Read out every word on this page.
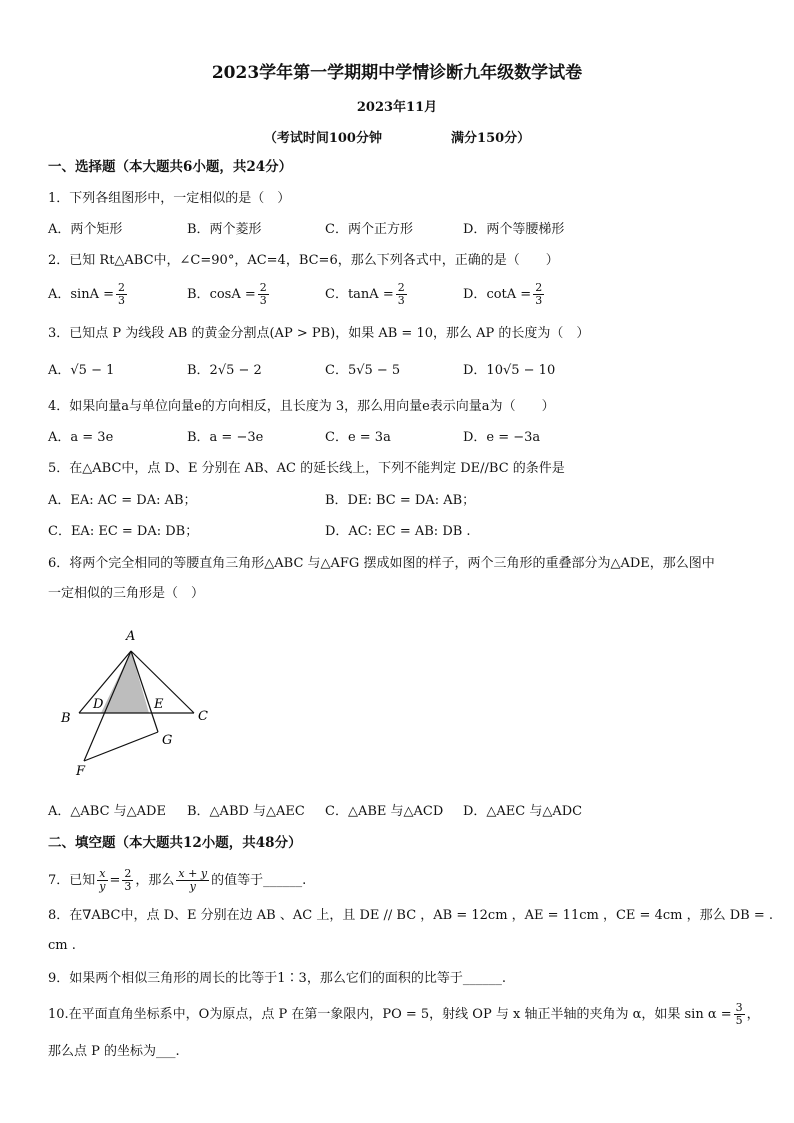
2023学年第一学期期中学情诊断九年级数学试卷
2023年11月
（考试时间100分钟	满分150分）
一、选择题（本大题共6小题，共24分）
1．下列各组图形中，一定相似的是（　）
A．两个矩形	B．两个菱形	C．两个正方形	D．两个等腰梯形
2．已知 Rt△ABC中，∠C=90°，AC=4，BC=6，那么下列各式中，正确的是（　　）
A．$\sin A = \frac{2}{3}$	B．$\cos A = \frac{2}{3}$	C．$\tan A = \frac{2}{3}$	D．$\cot A = \frac{2}{3}$
3．已知点 P 为线段 AB 的黄金分割点(AP > PB)，如果 AB = 10，那么 AP 的长度为（　）
A．√5 − 1	B．2√5 − 2	C．5√5 − 5	D．10√5 − 10
4．如果向量a与单位向量e的方向相反，且长度为 3，那么用向量e表示向量a为（　　）
A．a = 3e	B．a = −3e	C．e = 3a	D．e = −3a
5．在△ABC中，点 D、E 分别在 AB、AC 的延长线上，下列不能判定 DE//BC 的条件是
A．EA: AC = DA: AB；	B．DE: BC = DA: AB；
C．EA: EC = DA: DB；	D．AC: EC = AB: DB .
6．将两个完全相同的等腰直角三角形△ABC 与△AFG 摆成如图的样子，两个三角形的重叠部分为△ADE，那么图中
一定相似的三角形是（　）
A
B	C
D	E
F
G
A．△ABC 与△ADE B．△ABD 与△AEC C．△ABE 与△ACD D．△AEC 与△ADC
二、填空题（本大题共12小题，共48分）
7．已知 $\frac{x}{y} = \frac{2}{3}$ ，那么 $\frac{x + y}{y}$ 的值等于______.
8．在∇ABC中，点 D、E 分别在边 AB 、AC 上，且 DE // BC ，AB = 12cm ，AE = 11cm ，CE = 4cm ，那么 DB = .
cm .
9．如果两个相似三角形的周长的比等于1∶3，那么它们的面积的比等于______.
10.在平面直角坐标系中，O为原点，点 P 在第一象限内，PO = 5，射线 OP 与 x 轴正半轴的夹角为 α，如果 $\sin \alpha = \frac{3}{5}$ ，
那么点 P 的坐标为___.
